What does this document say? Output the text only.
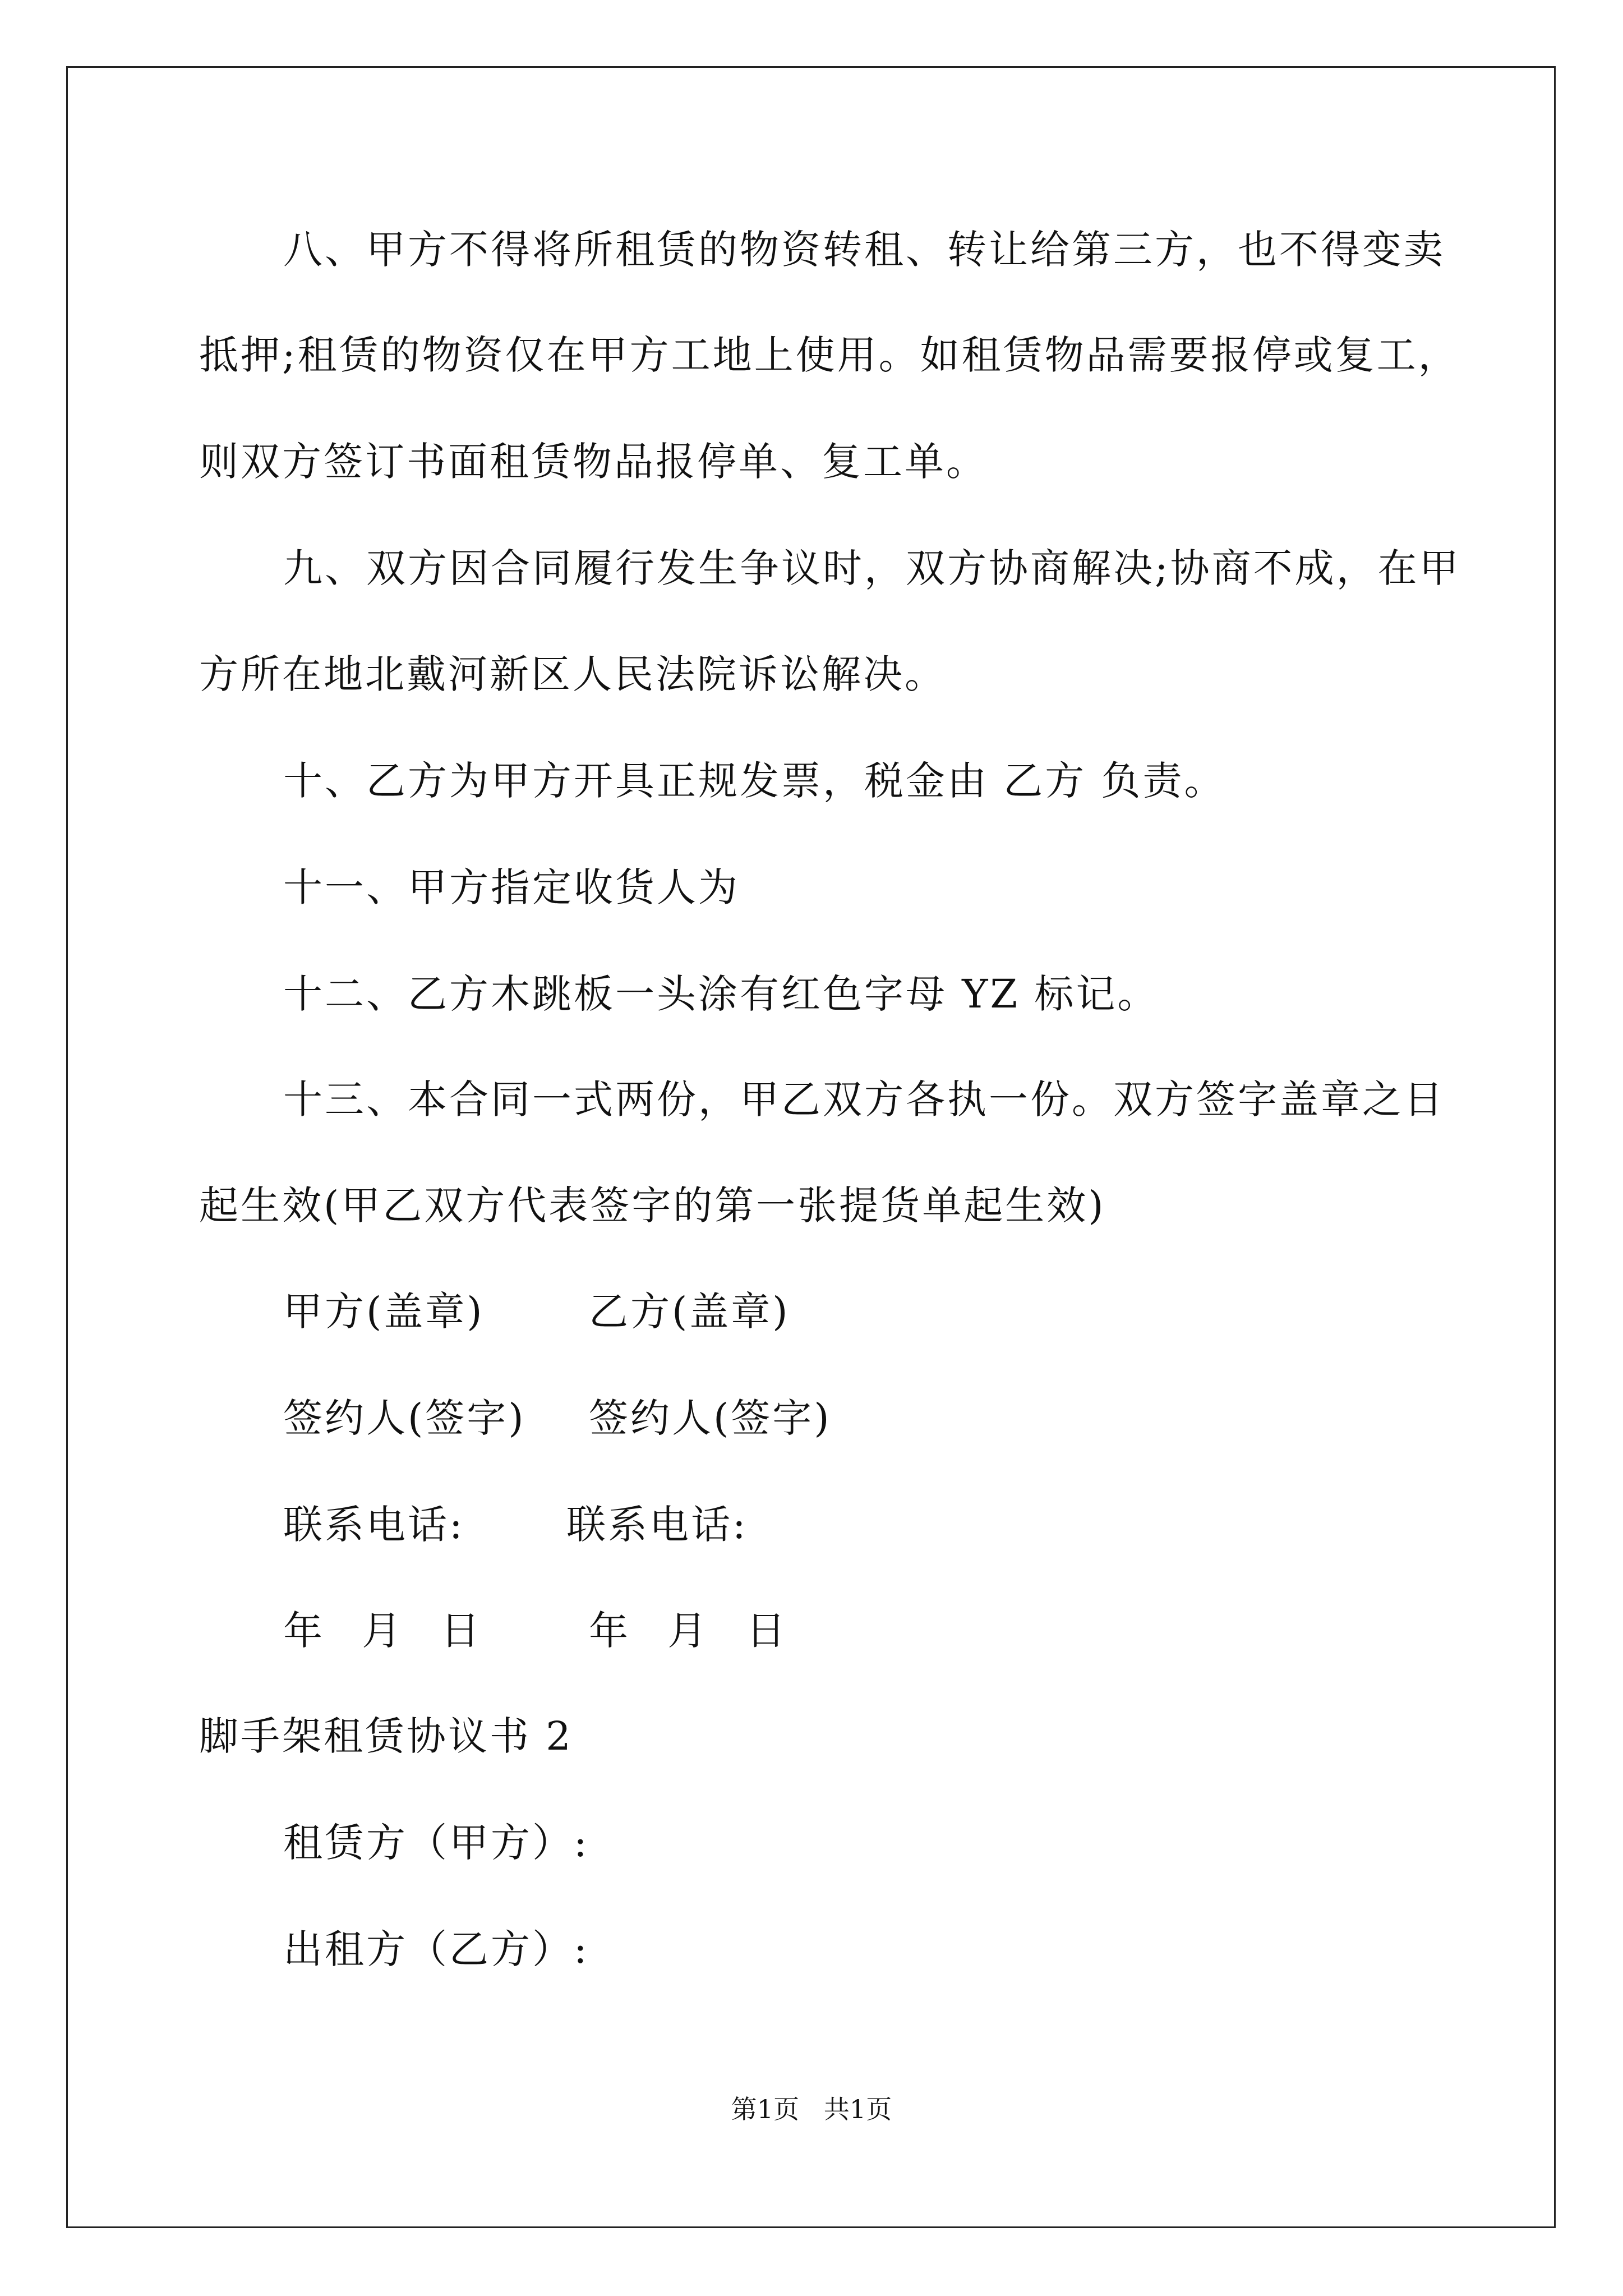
八、甲方不得将所租赁的物资转租、转让给第三方，也不得变卖
抵押;租赁的物资仅在甲方工地上使用。如租赁物品需要报停或复工，
则双方签订书面租赁物品报停单、复工单。
九、双方因合同履行发生争议时，双方协商解决;协商不成，在甲
方所在地北戴河新区人民法院诉讼解决。
十、乙方为甲方开具正规发票，税金由 乙方 负责。
十一、甲方指定收货人为
十二、乙方木跳板一头涂有红色字母 YZ 标记。
十三、本合同一式两份，甲乙双方各执一份。双方签字盖章之日
起生效(甲乙双方代表签字的第一张提货单起生效)
甲方(盖章)	乙方(盖章)
签约人(签字) 签约人(签字)
联系电话:	联系电话:
年 月 日	年 月 日
脚手架租赁协议书 2
租赁方（甲方）:
出租方（乙方）:
第1页   共1页
